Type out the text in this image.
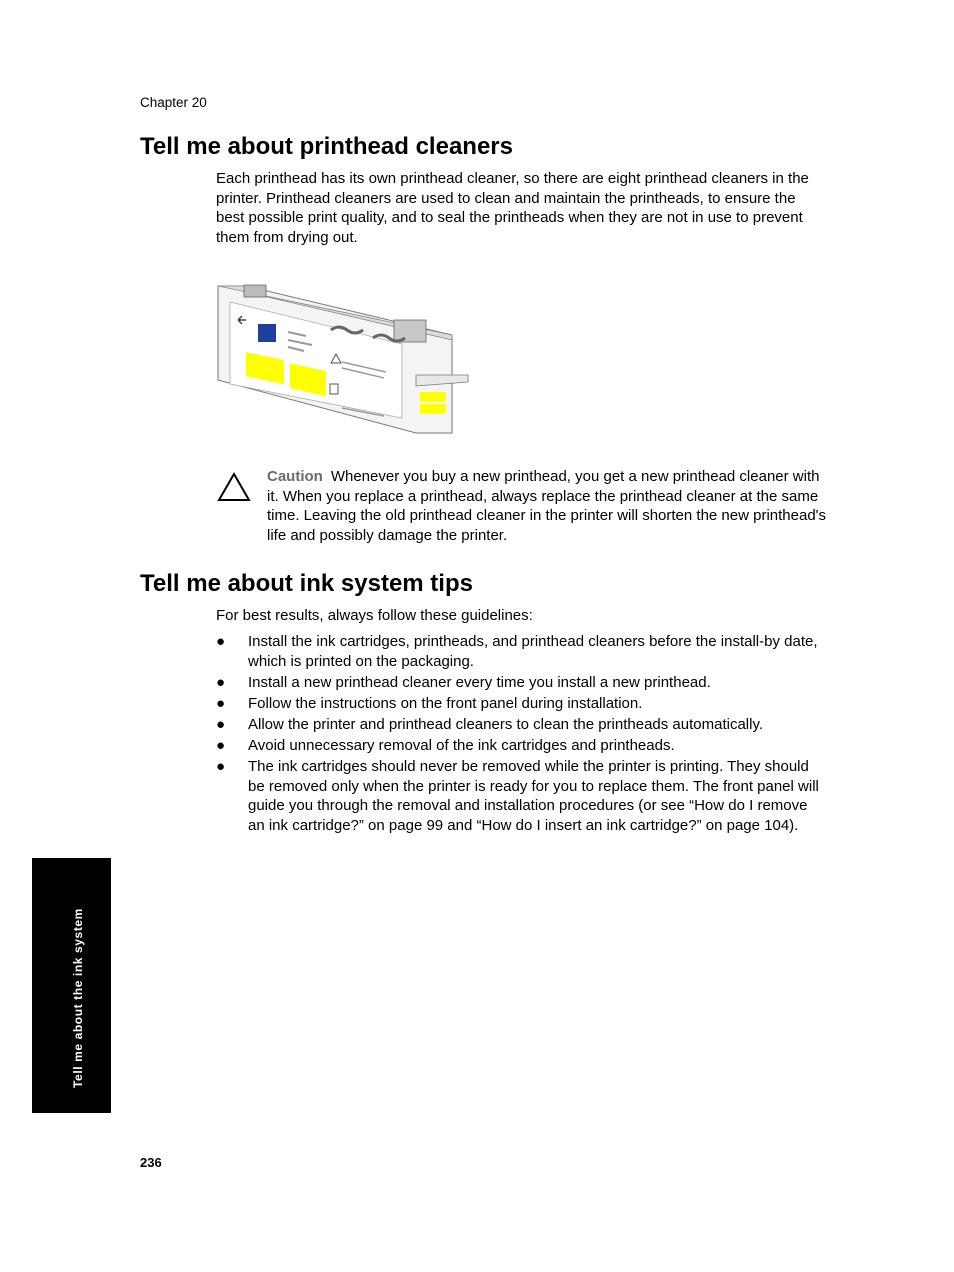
Chapter 20
Tell me about printhead cleaners

Each printhead has its own printhead cleaner, so there are eight printhead cleaners in the printer. Printhead cleaners are used to clean and maintain the printheads, to ensure the best possible print quality, and to seal the printheads when they are not in use to prevent them from drying out.

Caution Whenever you buy a new printhead, you get a new printhead cleaner with it. When you replace a printhead, always replace the printhead cleaner at the same time. Leaving the old printhead cleaner in the printer will shorten the new printhead's life and possibly damage the printer.

Tell me about ink system tips

For best results, always follow these guidelines:

● Install the ink cartridges, printheads, and printhead cleaners before the install-by date, which is printed on the packaging.
● Install a new printhead cleaner every time you install a new printhead.
● Follow the instructions on the front panel during installation.
● Allow the printer and printhead cleaners to clean the printheads automatically.
● Avoid unnecessary removal of the ink cartridges and printheads.
● The ink cartridges should never be removed while the printer is printing. They should be removed only when the printer is ready for you to replace them. The front panel will guide you through the removal and installation procedures (or see “How do I remove an ink cartridge?” on page 99 and “How do I insert an ink cartridge?” on page 104).
Tell me about the ink system
236
